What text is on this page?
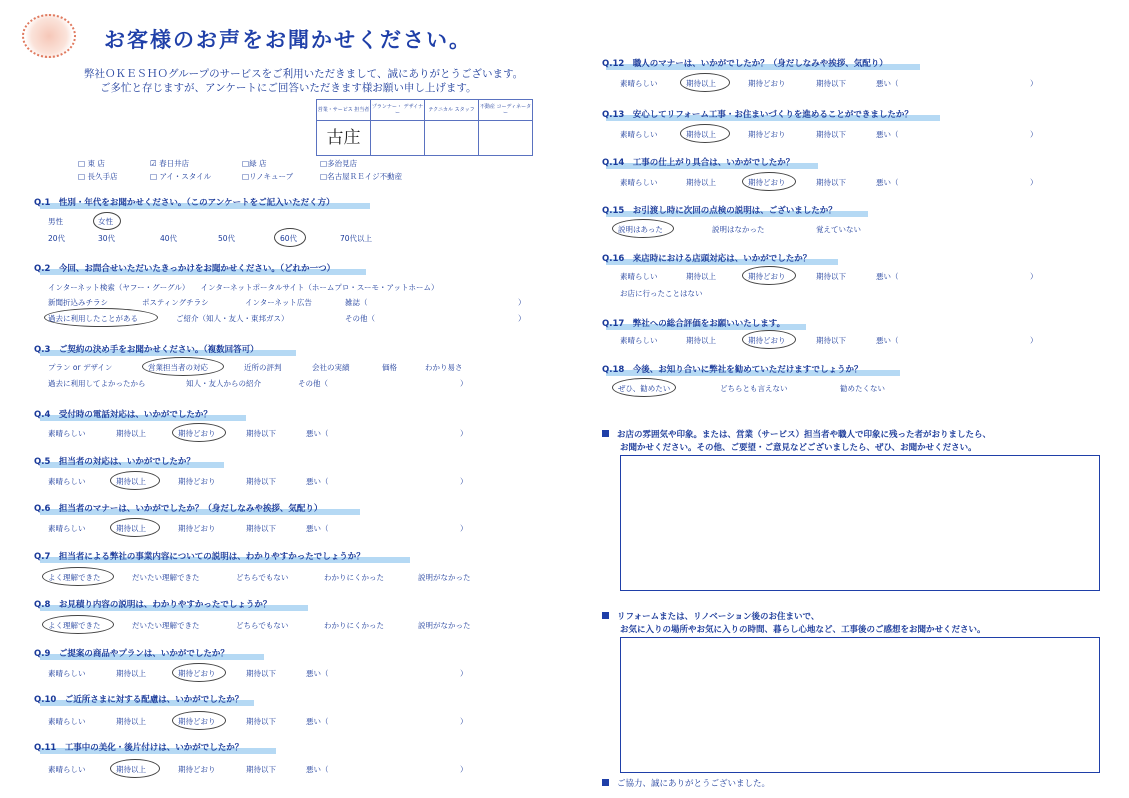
お客様のお声をお聞かせください。
弊社ＯＫＥＳＨＯグループのサービスをご利用いただきまして、誠にありがとうございます。
ご多忙と存じますが、アンケートにご回答いただきます様お願い申し上げます。
営業・サービス 担当者	プランナー・ デザイナー	テクニカル スタッフ	不動産 コーディネーター
古庄			
□ 東 店	☑ 春日井店	□緑 店	□多治見店
□ 長久手店	□ アイ・スタイル	□リノキューブ	□名古屋ＲＥイジ不動産
Q.1　性別・年代をお聞かせください。（このアンケートをご記入いただく方）
男性	女性
20代	30代	40代	50代	60代	70代以上
Q.2　今回、お問合せいただいたきっかけをお聞かせください。（どれか一つ）
インターネット検索（ヤフー・グーグル）　　インターネットポータルサイト（ホームプロ・スーモ・アットホーム）
新聞折込みチラシ	ポスティングチラシ	インターネット広告	雑誌（	）
過去に利用したことがある	ご紹介（知人・友人・東邦ガス）	その他（	）
Q.3　ご契約の決め手をお聞かせください。（複数回答可）
プラン or デザイン	営業担当者の対応	近所の評判	会社の実績	価格	わかり易さ
過去に利用してよかったから	知人・友人からの紹介	その他（	）
Q.4　受付時の電話対応は、いかがでしたか？
素晴らしい	期待以上	期待どおり	期待以下	悪い（	）
Q.5　担当者の対応は、いかがでしたか？
素晴らしい	期待以上	期待どおり	期待以下	悪い（	）
Q.6　担当者のマナーは、いかがでしたか？（身だしなみや挨拶、気配り）
素晴らしい	期待以上	期待どおり	期待以下	悪い（	）
Q.7　担当者による弊社の事業内容についての説明は、わかりやすかったでしょうか？
よく理解できた	だいたい理解できた	どちらでもない	わかりにくかった	説明がなかった
Q.8　お見積り内容の説明は、わかりやすかったでしょうか？
よく理解できた	だいたい理解できた	どちらでもない	わかりにくかった	説明がなかった
Q.9　ご提案の商品やプランは、いかがでしたか？
素晴らしい	期待以上	期待どおり	期待以下	悪い（	）
Q.10　ご近所さまに対する配慮は、いかがでしたか？
素晴らしい	期待以上	期待どおり	期待以下	悪い（	）
Q.11　工事中の美化・後片付けは、いかがでしたか？
素晴らしい	期待以上	期待どおり	期待以下	悪い（	）
Q.12　職人のマナーは、いかがでしたか？（身だしなみや挨拶、気配り）
素晴らしい	期待以上	期待どおり	期待以下	悪い（	）
Q.13　安心してリフォーム工事・お住まいづくりを進めることができましたか？
素晴らしい	期待以上	期待どおり	期待以下	悪い（	）
Q.14　工事の仕上がり具合は、いかがでしたか？
素晴らしい	期待以上	期待どおり	期待以下	悪い（	）
Q.15　お引渡し時に次回の点検の説明は、ございましたか？
説明はあった	説明はなかった	覚えていない
Q.16　来店時における店頭対応は、いかがでしたか？
素晴らしい	期待以上	期待どおり	期待以下	悪い（	）
お店に行ったことはない
Q.17　弊社への総合評価をお願いいたします。
素晴らしい	期待以上	期待どおり	期待以下	悪い（	）
Q.18　今後、お知り合いに弊社を勧めていただけますでしょうか？
ぜひ、勧めたい	どちらとも言えない	勧めたくない
お店の雰囲気や印象。または、営業（サービス）担当者や職人で印象に残った者がおりましたら、
お聞かせください。その他、ご要望・ご意見などございましたら、ぜひ、お聞かせください。
リフォームまたは、リノベーション後のお住まいで、
お気に入りの場所やお気に入りの時間、暮らし心地など、工事後のご感想をお聞かせください。
ご協力、誠にありがとうございました。
